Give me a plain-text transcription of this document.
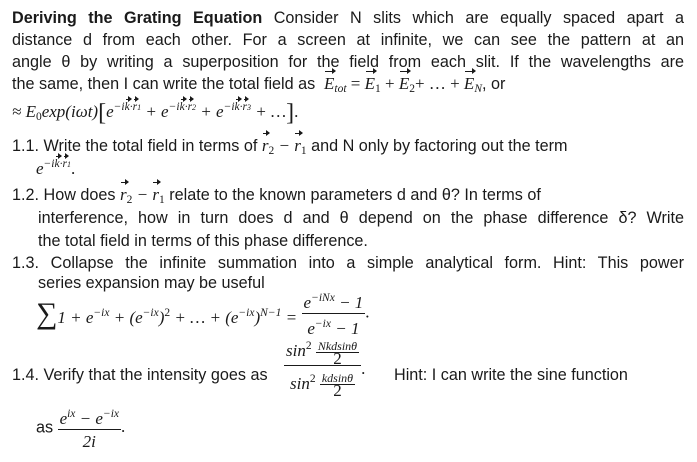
Deriving the Grating Equation Consider N slits which are equally spaced apart a

distance d from each other. For a screen at infinite, we can see the pattern at an

angle θ by writing a superposition for the field from each slit. If the wavelengths are

the same, then I can write the total field as $E_{tot} = E_1 + E_2+$ … + $E_N$, or

≈ $E_0\exp(i\omega t)[e^{-ik\cdot r1} + e^{-ik\cdot r2} + e^{-ik\cdot r3}$ + …].

1.1. Write the total field in terms of $r_2 - r_1$ and N only by factoring out the term

$e^{-ik\cdot r1}$.

1.2. How does $r_2 - r_1$ relate to the known parameters d and θ? In terms of

interference, how in turn does d and θ depend on the phase difference δ? Write

the total field in terms of this phase difference.

1.3. Collapse the infinite summation into a simple analytical form. Hint: This power

series expansion may be useful

$\sum 1 + e^{-ix} + (e^{-ix})^2$ + … + $(e^{-ix})^{N-1} = \frac{e^{-iNx} - 1}{e^{-ix} - 1}$ .

1.4. Verify that the intensity goes as $\frac{\sin^2 \frac{\text{Nkdsinθ}}{2}}{\sin^2 \frac{kdsin\theta}{2}}$ . Hint: I can write the sine function

as $\frac{e^{ix} - e^{-ix}}{2i}$ .
